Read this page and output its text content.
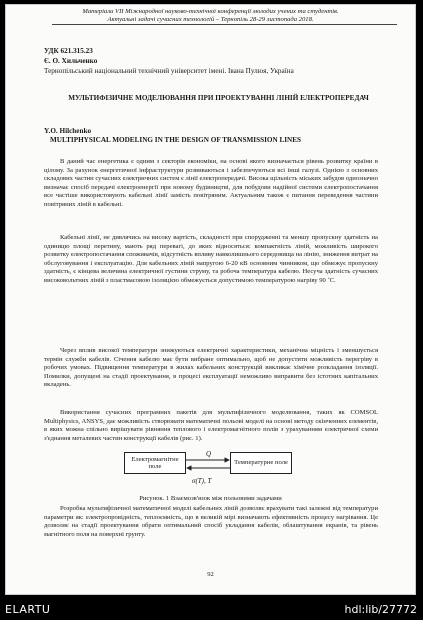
Матеріали VII Міжнародної науково-технічної конференції молодих учених та студентів.
Актуальні задачі сучасних технологій – Тернопіль 28-29 листопада 2018.
УДК 621.315.23
Є. О. Хильченко
Тернопільський національний технічний університет імені. Івана Пулюя, Україна
МУЛЬТИФІЗИЧНЕ МОДЕЛЮВАННЯ ПРИ ПРОЕКТУВАННІ ЛІНІЙ ЕЛЕКТРОПЕРЕДАЧ
Y.O. Hilchenko
MULTIPHYSICAL MODELING IN THE DESIGN OF TRANSMISSION LINES

В даний час енергетика є одним з секторів економіки, на основі якого визначається рівень розвитку країни в цілому. За рахунок енергетичної інфраструктури розвиваються і забезпечуються всі інші галузі. Однією з основних складових частин сучасних електричних систем є лінії електропередачі. Висока щільність міських забудов однозначно визначає спосіб передачі електроенергії при новому будівництві, для побудови надійної системи електропостачання все частіше використовують кабельні лінії замість повітряним. Актуальним також є питання переведення частини повітряних ліній в кабельні.

Кабельні лінії, не дивлячись на високу вартість, складності при спорудженні та меншу пропускну здатність на одиницю площі перетину, мають ряд перевагі, до яких відносяться: компактність ліній, можливість широкого розвитку електропостачання споживачів, відсутність впливу навколишнього середовища на лінію, зниження витрат на обслуговування і експлуатацію. Для кабельних ліній напругою 6-20 кВ основним чинником, що обмежує пропускну здатність, є кінцева величина електричної густини струму, та робоча температура кабелю. Несуча здатність сучасних високовольтних ліній з пластмасовою ізоляцією обмежується допустимою температурою нагріву 90 ˚С.

Через вплив високої температури знижуються електричні характеристики, механічна міцність і зменшується термін служби кабелів. Січення кабелю має бути вибране оптимально, щоб не допустити можливість перегріву в робочих умовах. Підвищення температури в жилах кабельних конструкцій викликає хімічне розкладання ізоляції. Помилки, допущені на стадії проектування, в процесі експлуатації неможливо виправити без істотних капітальних вкладень.

Використання сучасних програмних пакетів для мультифізичного моделювання, таких як COMSOL Multiphysics, ANSYS, дає можливість створювати математичні польові моделі на основі методу скінченних елементів, в яких можна спільно вирішувати рівняння теплового і електромагнітного полів з урахуванням електричної схеми з'єднання металевих частин конструкції кабелів (рис. 1).

Електромагнітне поле
Температурне поле
Q
σ(T), T
Рисунок. 1 Взаємозв'язок між польовими задачами

Розробка мультифізичної математичної моделі кабельних ліній дозволяє врахувати такі залежні від температури параметри як: електропровідність, теплоємність, що в великій мірі визначають ефективність процесу нагрівання. Це дозволяє на стадії проектування обрати оптимальний спосіб укладання кабелів, облаштування екранів, та рівень магнітного поля на поверхні грунту.

92
ELARTU	hdl:lib/27772
